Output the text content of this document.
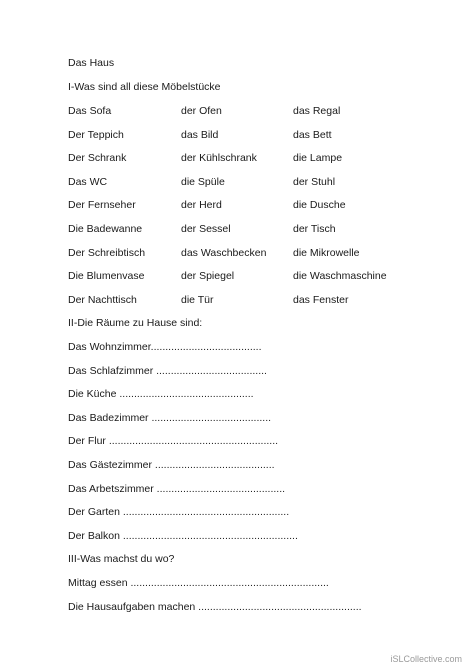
Das Haus
I-Was sind all diese Möbelstücke
Das Sofa	der Ofen	das Regal
Der Teppich	das Bild	das Bett
Der Schrank	der Kühlschrank	die Lampe
Das WC	die Spüle	der Stuhl
Der Fernseher	der Herd	die Dusche
Die Badewanne	der Sessel	der Tisch
Der Schreibtisch	das Waschbecken	die Mikrowelle
Die Blumenvase	der Spiegel	die Waschmaschine
Der Nachttisch	die Tür	das Fenster
II-Die Räume zu Hause sind:
Das Wohnzimmer......................................
Das Schlafzimmer ......................................
Die Küche ..............................................
Das Badezimmer .........................................
Der Flur ..........................................................
Das Gästezimmer .........................................
Das Arbetszimmer ............................................
Der Garten .........................................................
Der Balkon ............................................................
III-Was machst du wo?
Mittag essen ....................................................................
Die Hausaufgaben machen ........................................................
iSLCollective.com
